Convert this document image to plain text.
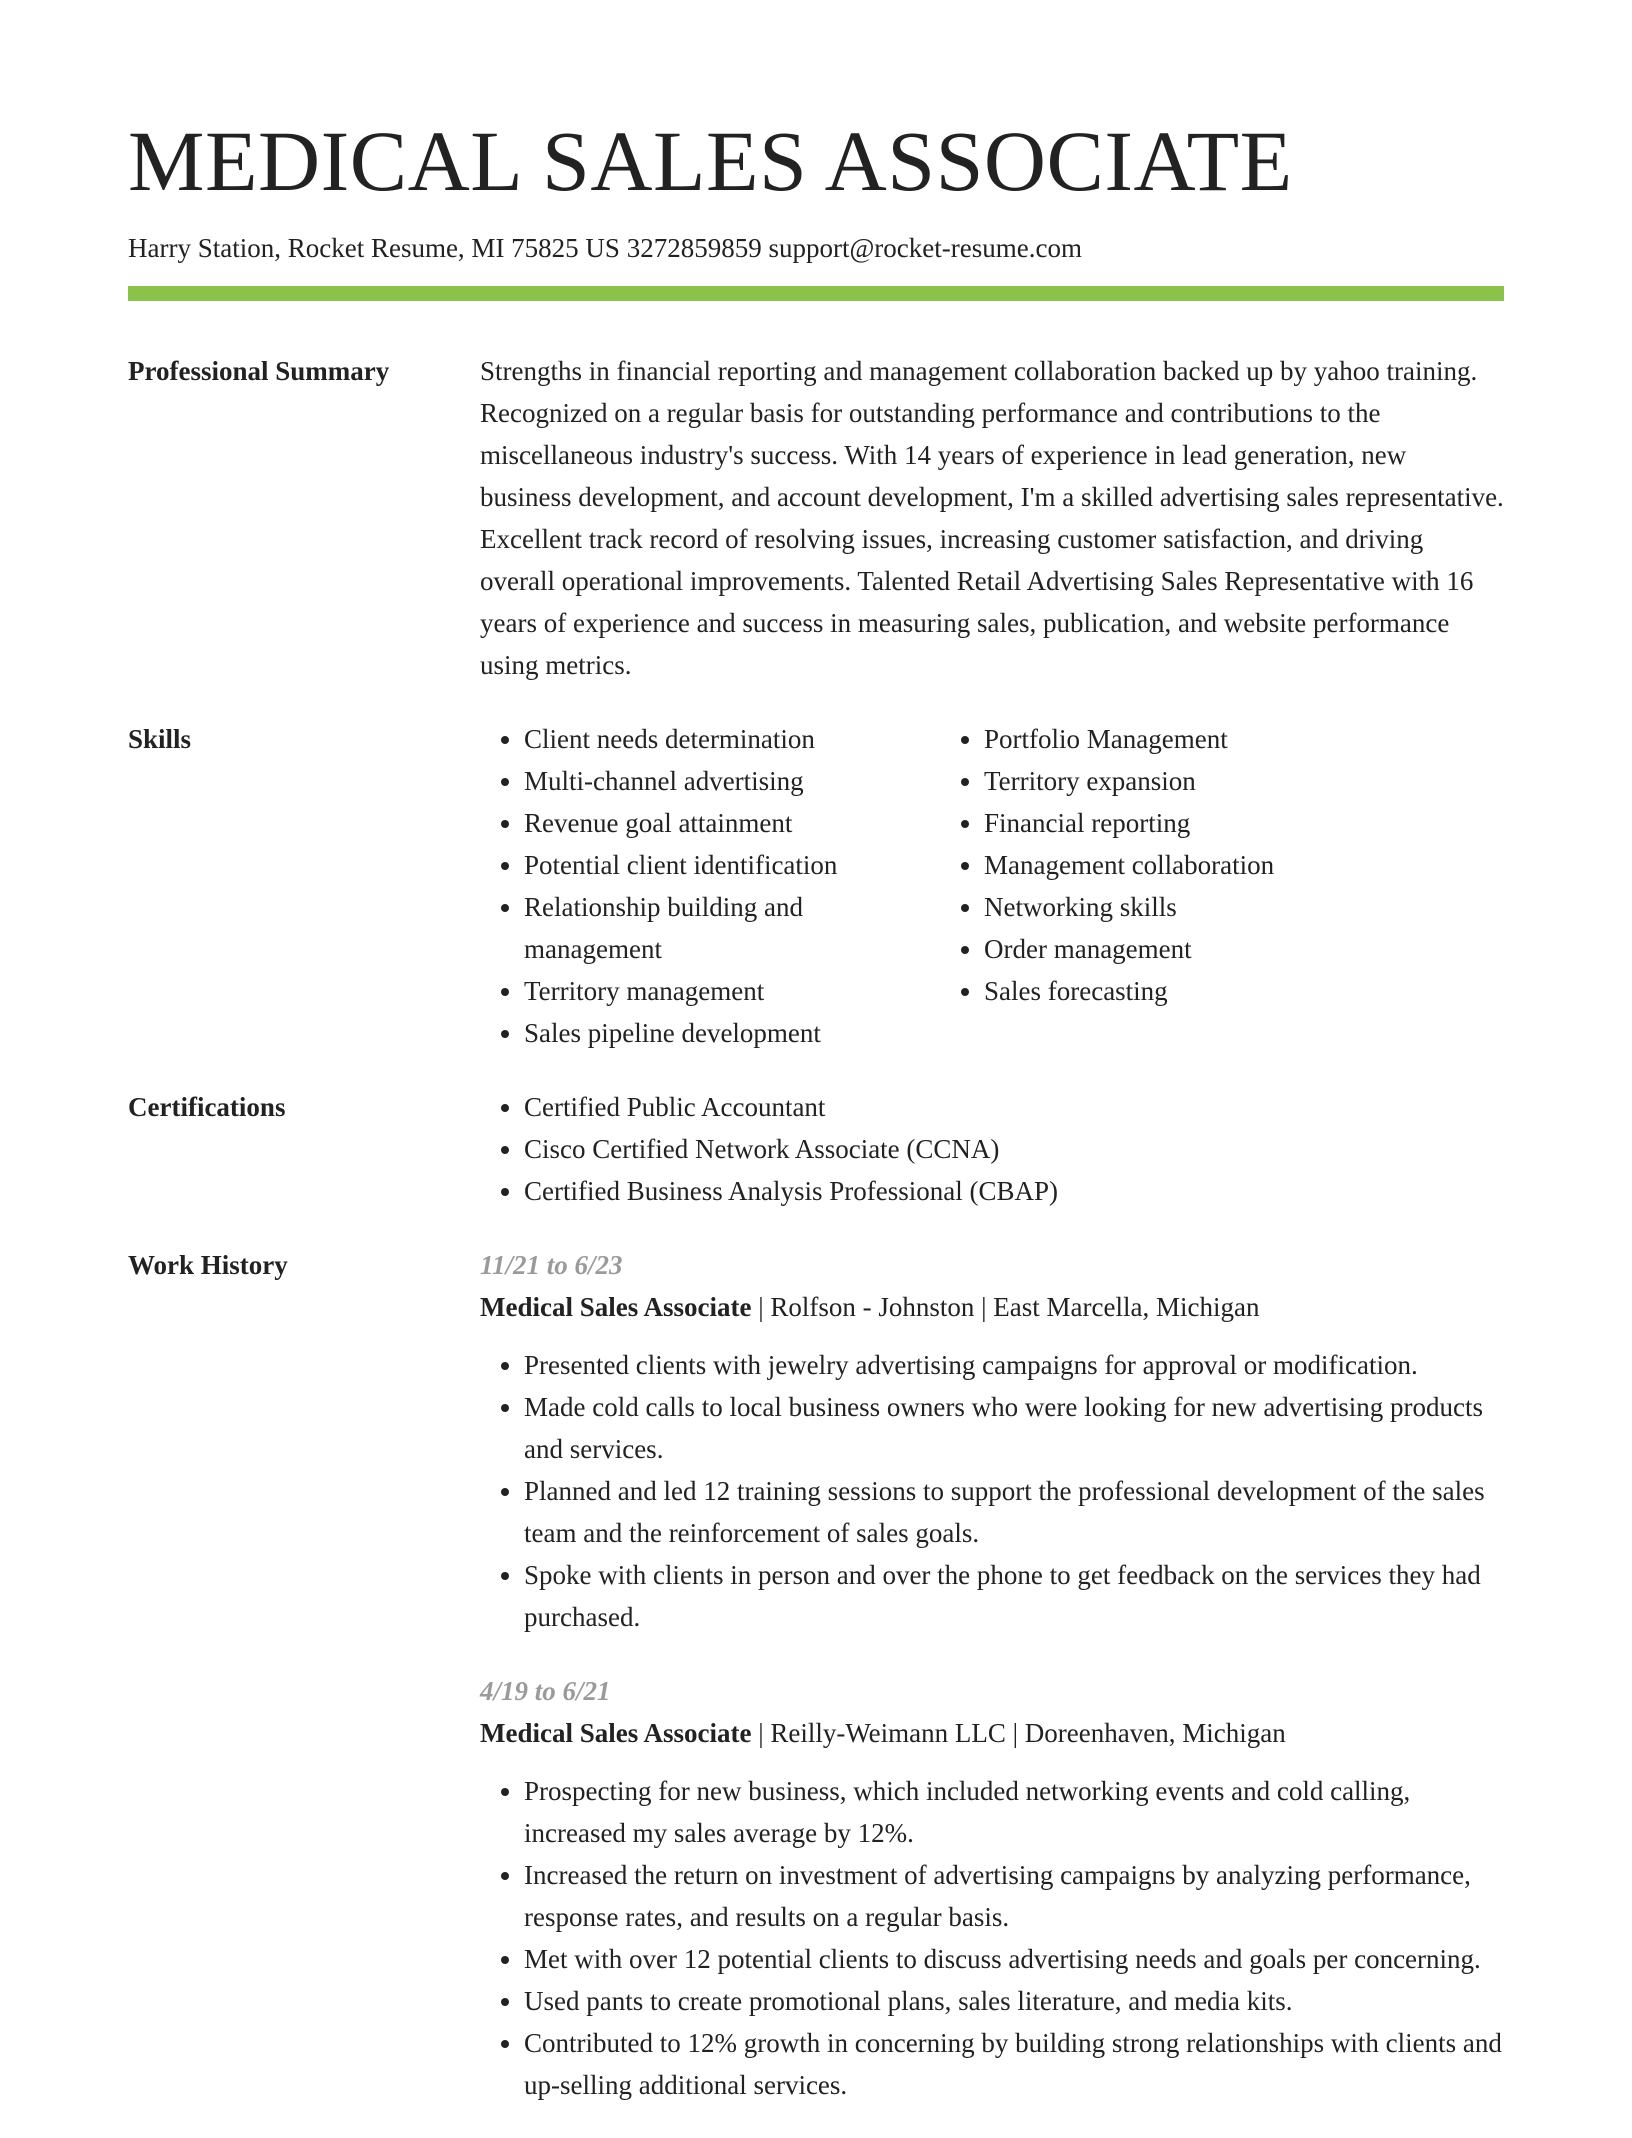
MEDICAL SALES ASSOCIATE
Harry Station, Rocket Resume, MI 75825 US 3272859859 support@rocket-resume.com
Professional Summary	Strengths in financial reporting and management collaboration backed up by yahoo training. Recognized on a regular basis for outstanding performance and contributions to the miscellaneous industry's success. With 14 years of experience in lead generation, new business development, and account development, I'm a skilled advertising sales representative. Excellent track record of resolving issues, increasing customer satisfaction, and driving overall operational improvements. Talented Retail Advertising Sales Representative with 16 years of experience and success in measuring sales, publication, and website performance using metrics.

Skills	• Client needs determination
• Multi-channel advertising
• Revenue goal attainment
• Potential client identification
• Relationship building and management
• Territory management
• Sales pipeline development
• Portfolio Management
• Territory expansion
• Financial reporting
• Management collaboration
• Networking skills
• Order management
• Sales forecasting
Certifications	• Certified Public Accountant
• Cisco Certified Network Associate (CCNA)
• Certified Business Analysis Professional (CBAP)
Work History	11/21 to 6/23
Medical Sales Associate | Rolfson - Johnston | East Marcella, Michigan
• Presented clients with jewelry advertising campaigns for approval or modification.
• Made cold calls to local business owners who were looking for new advertising products and services.
• Planned and led 12 training sessions to support the professional development of the sales team and the reinforcement of sales goals.
• Spoke with clients in person and over the phone to get feedback on the services they had purchased.
4/19 to 6/21
Medical Sales Associate | Reilly-Weimann LLC | Doreenhaven, Michigan
• Prospecting for new business, which included networking events and cold calling, increased my sales average by 12%.
• Increased the return on investment of advertising campaigns by analyzing performance, response rates, and results on a regular basis.
• Met with over 12 potential clients to discuss advertising needs and goals per concerning.
• Used pants to create promotional plans, sales literature, and media kits.
• Contributed to 12% growth in concerning by building strong relationships with clients and up-selling additional services.
